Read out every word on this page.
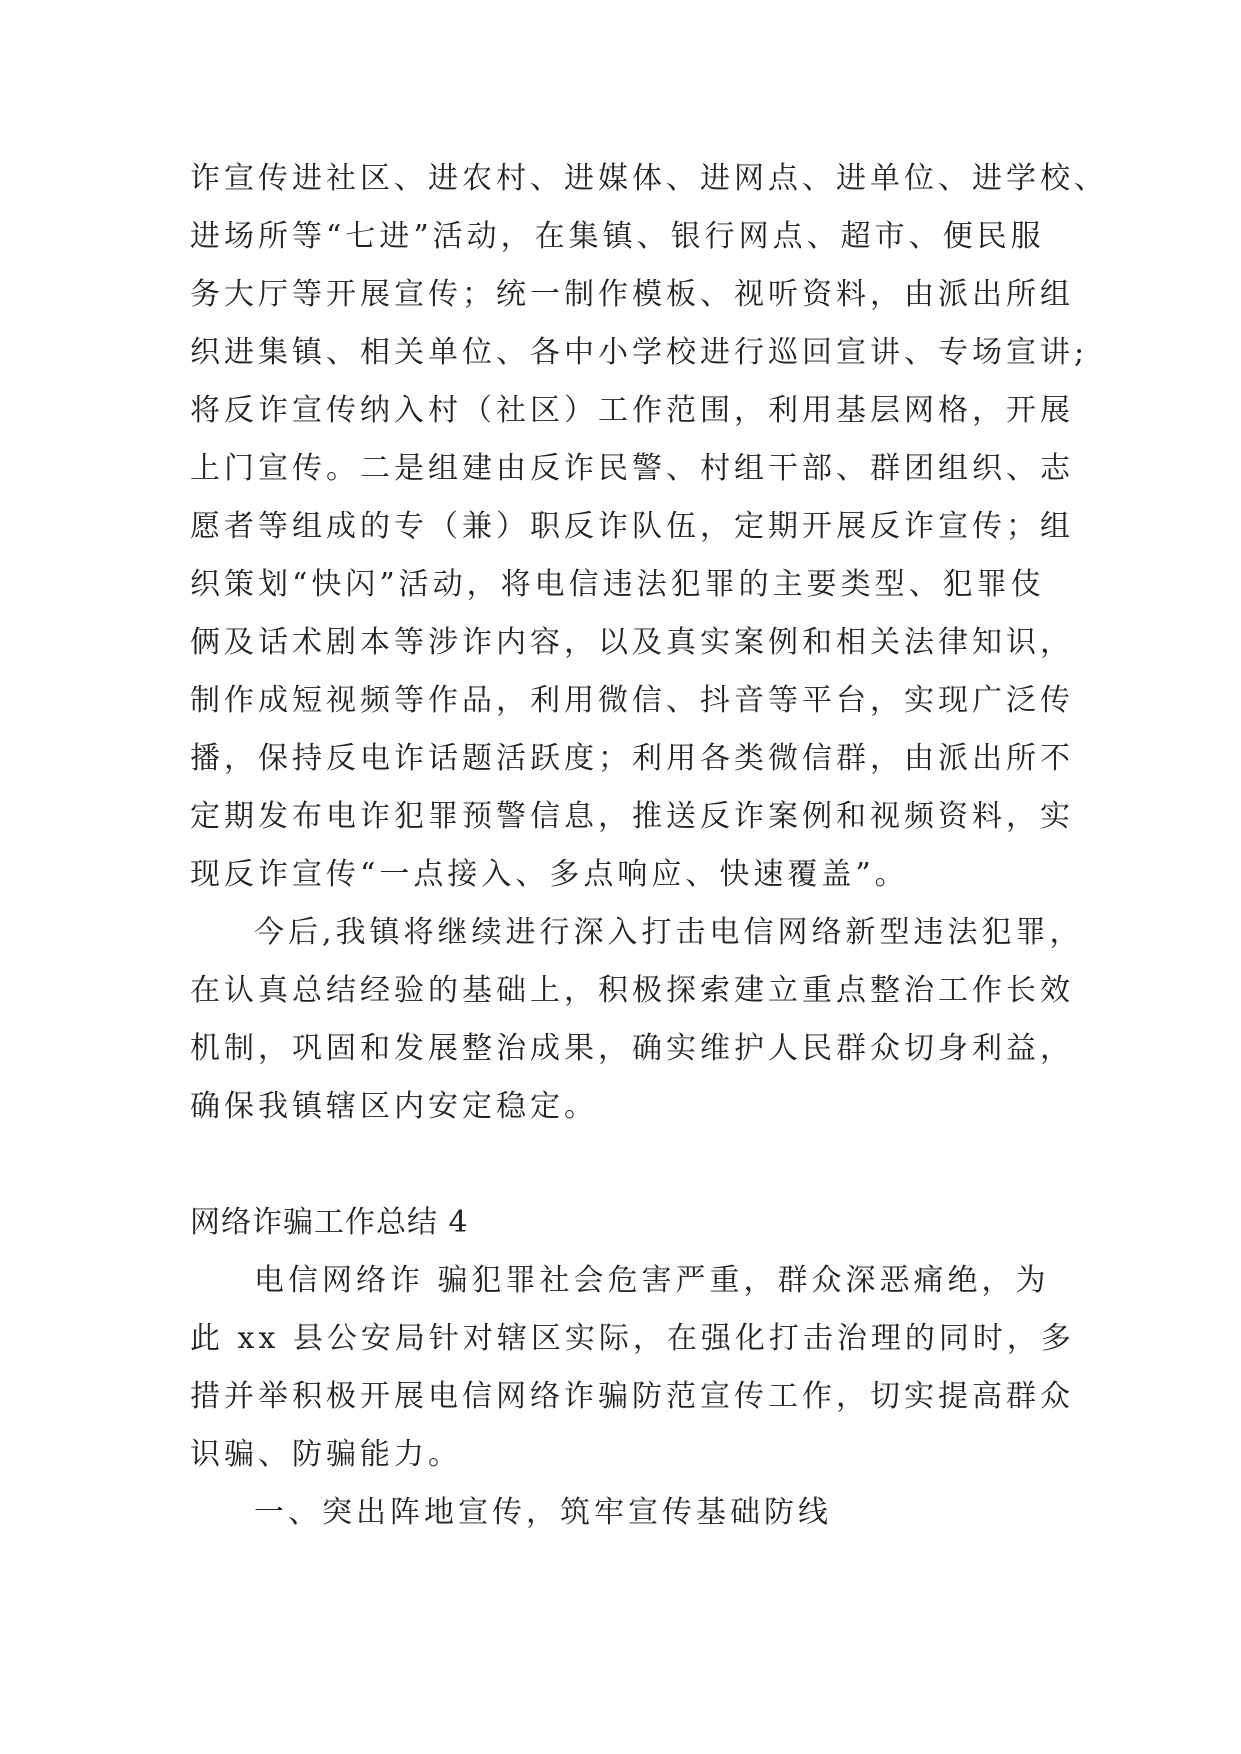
诈宣传进社区、进农村、进媒体、进网点、进单位、进学校、
进场所等“七进”活动，在集镇、银行网点、超市、便民服
务大厅等开展宣传；统一制作模板、视听资料，由派出所组
织进集镇、相关单位、各中小学校进行巡回宣讲、专场宣讲;
将反诈宣传纳入村（社区）工作范围，利用基层网格，开展
上门宣传。二是组建由反诈民警、村组干部、群团组织、志
愿者等组成的专（兼）职反诈队伍，定期开展反诈宣传；组
织策划“快闪”活动，将电信违法犯罪的主要类型、犯罪伎
俩及话术剧本等涉诈内容，以及真实案例和相关法律知识，
制作成短视频等作品，利用微信、抖音等平台，实现广泛传
播，保持反电诈话题活跃度；利用各类微信群，由派出所不
定期发布电诈犯罪预警信息，推送反诈案例和视频资料，实
现反诈宣传“一点接入、多点响应、快速覆盖”。
今后,我镇将继续进行深入打击电信网络新型违法犯罪，
在认真总结经验的基础上，积极探索建立重点整治工作长效
机制，巩固和发展整治成果，确实维护人民群众切身利益，
确保我镇辖区内安定稳定。
网络诈骗工作总结 4
电信网络诈 骗犯罪社会危害严重，群众深恶痛绝，为
此 xx 县公安局针对辖区实际，在强化打击治理的同时，多
措并举积极开展电信网络诈骗防范宣传工作，切实提高群众
识骗、防骗能力。
一、突出阵地宣传，筑牢宣传基础防线
